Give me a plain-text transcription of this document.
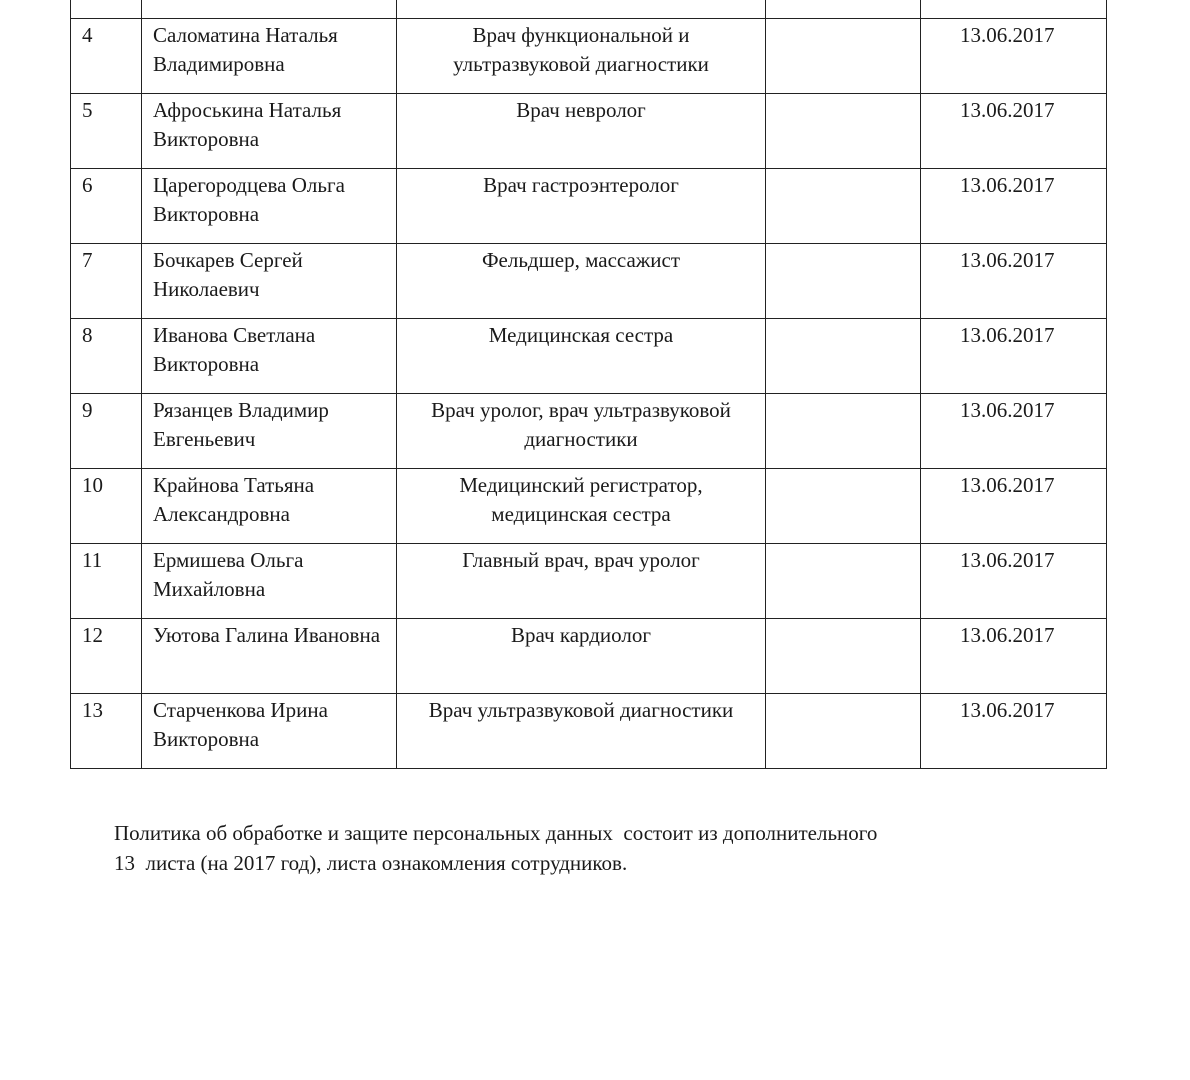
4	Саломатина Наталья Владимировна	Врач функциональной и ультразвуковой диагностики		13.06.2017
5	Афроськина Наталья Викторовна	Врач невролог		13.06.2017
6	Царегородцева Ольга Викторовна	Врач гастроэнтеролог		13.06.2017
7	Бочкарев Сергей Николаевич	Фельдшер, массажист		13.06.2017
8	Иванова Светлана Викторовна	Медицинская сестра		13.06.2017
9	Рязанцев Владимир Евгеньевич	Врач уролог, врач ультразвуковой диагностики		13.06.2017
10	Крайнова Татьяна Александровна	Медицинский регистратор, медицинская сестра		13.06.2017
11	Ермишева Ольга Михайловна	Главный врач, врач уролог		13.06.2017
12	Уютова Галина Ивановна	Врач кардиолог		13.06.2017
13	Старченкова Ирина Викторовна	Врач ультразвуковой диагностики		13.06.2017

Политика об обработке и защите персональных данных  состоит из дополнительного
13  листа (на 2017 год), листа ознакомления сотрудников.
